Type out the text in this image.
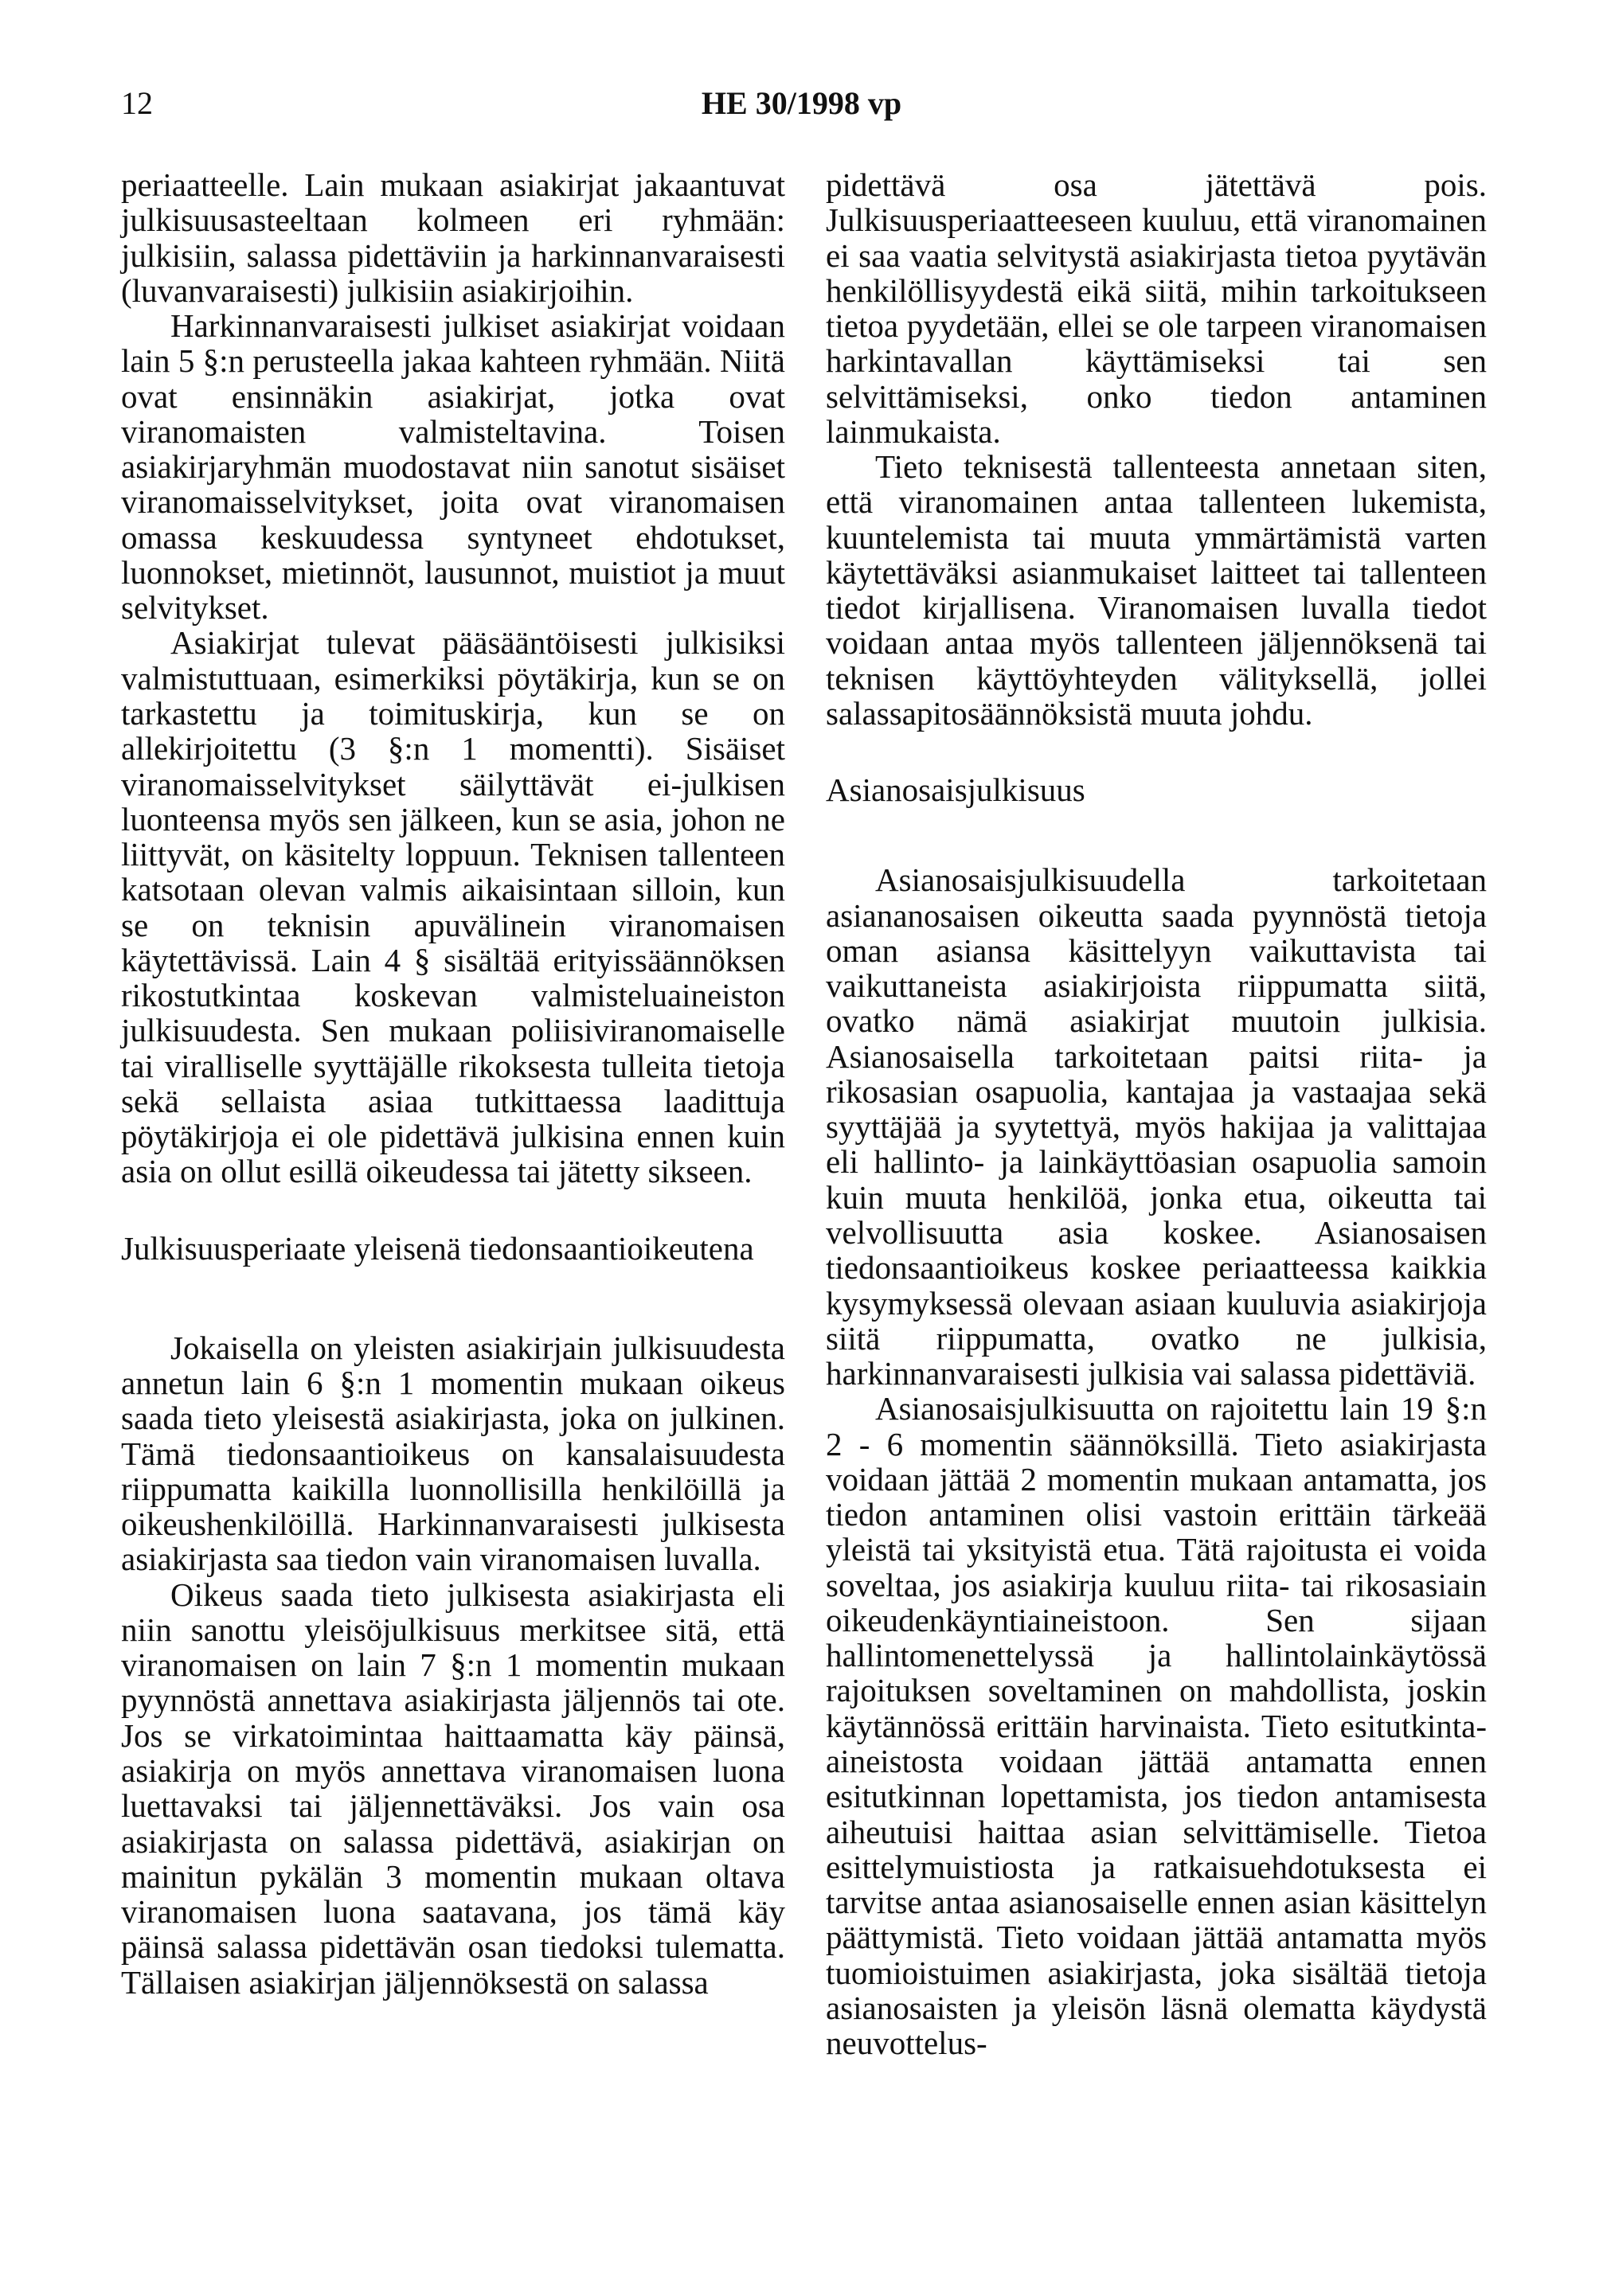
12	HE 30/1998 vp

periaatteelle. Lain mukaan asiakirjat jakaantuvat julkisuusasteeltaan kolmeen eri ryhmään: julkisiin, salassa pidettäviin ja harkinnanvaraisesti (luvanvaraisesti) julkisiin asiakirjoihin.

Harkinnanvaraisesti julkiset asiakirjat voidaan lain 5 §:n perusteella jakaa kahteen ryhmään. Niitä ovat ensinnäkin asiakirjat, jotka ovat viranomaisten valmisteltavina. Toisen asiakirjaryhmän muodostavat niin sanotut sisäiset viranomaisselvitykset, joita ovat viranomaisen omassa keskuudessa syntyneet ehdotukset, luonnokset, mietinnöt, lausunnot, muistiot ja muut selvitykset.

Asiakirjat tulevat pääsääntöisesti julkisiksi valmistuttuaan, esimerkiksi pöytäkirja, kun se on tarkastettu ja toimituskirja, kun se on allekirjoitettu (3 §:n 1 momentti). Sisäiset viranomaisselvitykset säilyttävät ei-julkisen luonteensa myös sen jälkeen, kun se asia, johon ne liittyvät, on käsitelty loppuun. Teknisen tallenteen katsotaan olevan valmis aikaisintaan silloin, kun se on teknisin apuvälinein viranomaisen käytettävissä. Lain 4 § sisältää erityissäännöksen rikostutkintaa koskevan valmisteluaineiston julkisuudesta. Sen mukaan poliisiviranomaiselle tai viralliselle syyttäjälle rikoksesta tulleita tietoja sekä sellaista asiaa tutkittaessa laadittuja pöytäkirjoja ei ole pidettävä julkisina ennen kuin asia on ollut esillä oikeudessa tai jätetty sikseen.

Julkisuusperiaate yleisenä tiedonsaantioikeutena

Jokaisella on yleisten asiakirjain julkisuudesta annetun lain 6 §:n 1 momentin mukaan oikeus saada tieto yleisestä asiakirjasta, joka on julkinen. Tämä tiedonsaantioikeus on kansalaisuudesta riippumatta kaikilla luonnollisilla henkilöillä ja oikeushenkilöillä. Harkinnanvaraisesti julkisesta asiakirjasta saa tiedon vain viranomaisen luvalla.

Oikeus saada tieto julkisesta asiakirjasta eli niin sanottu yleisöjulkisuus merkitsee sitä, että viranomaisen on lain 7 §:n 1 momentin mukaan pyynnöstä annettava asiakirjasta jäljennös tai ote. Jos se virkatoimintaa haittaamatta käy päinsä, asiakirja on myös annettava viranomaisen luona luettavaksi tai jäljennettäväksi. Jos vain osa asiakirjasta on salassa pidettävä, asiakirjan on mainitun pykälän 3 momentin mukaan oltava viranomaisen luona saatavana, jos tämä käy päinsä salassa pidettävän osan tiedoksi tulematta. Tällaisen asiakirjan jäljennöksestä on salassa

pidettävä osa jätettävä pois. Julkisuusperiaatteeseen kuuluu, että viranomainen ei saa vaatia selvitystä asiakirjasta tietoa pyytävän henkilöllisyydestä eikä siitä, mihin tarkoitukseen tietoa pyydetään, ellei se ole tarpeen viranomaisen harkintavallan käyttämiseksi tai sen selvittämiseksi, onko tiedon antaminen lainmukaista.

Tieto teknisestä tallenteesta annetaan siten, että viranomainen antaa tallenteen lukemista, kuuntelemista tai muuta ymmärtämistä varten käytettäväksi asianmukaiset laitteet tai tallenteen tiedot kirjallisena. Viranomaisen luvalla tiedot voidaan antaa myös tallenteen jäljennöksenä tai teknisen käyttöyhteyden välityksellä, jollei salassapitosäännöksistä muuta johdu.

Asianosaisjulkisuus

Asianosaisjulkisuudella tarkoitetaan asiananosaisen oikeutta saada pyynnöstä tietoja oman asiansa käsittelyyn vaikuttavista tai vaikuttaneista asiakirjoista riippumatta siitä, ovatko nämä asiakirjat muutoin julkisia. Asianosaisella tarkoitetaan paitsi riita- ja rikosasian osapuolia, kantajaa ja vastaajaa sekä syyttäjää ja syytettyä, myös hakijaa ja valittajaa eli hallinto- ja lainkäyttöasian osapuolia samoin kuin muuta henkilöä, jonka etua, oikeutta tai velvollisuutta asia koskee. Asianosaisen tiedonsaantioikeus koskee periaatteessa kaikkia kysymyksessä olevaan asiaan kuuluvia asiakirjoja siitä riippumatta, ovatko ne julkisia, harkinnanvaraisesti julkisia vai salassa pidettäviä.

Asianosaisjulkisuutta on rajoitettu lain 19 §:n 2 - 6 momentin säännöksillä. Tieto asiakirjasta voidaan jättää 2 momentin mukaan antamatta, jos tiedon antaminen olisi vastoin erittäin tärkeää yleistä tai yksityistä etua. Tätä rajoitusta ei voida soveltaa, jos asiakirja kuuluu riita- tai rikosasiain oikeudenkäyntiaineistoon. Sen sijaan hallintomenettelyssä ja hallintolainkäytössä rajoituksen soveltaminen on mahdollista, joskin käytännössä erittäin harvinaista. Tieto esitutkinta-aineistosta voidaan jättää antamatta ennen esitutkinnan lopettamista, jos tiedon antamisesta aiheutuisi haittaa asian selvittämiselle. Tietoa esittelymuistiosta ja ratkaisuehdotuksesta ei tarvitse antaa asianosaiselle ennen asian käsittelyn päättymistä. Tieto voidaan jättää antamatta myös tuomioistuimen asiakirjasta, joka sisältää tietoja asianosaisten ja yleisön läsnä olematta käydystä neuvottelus-
